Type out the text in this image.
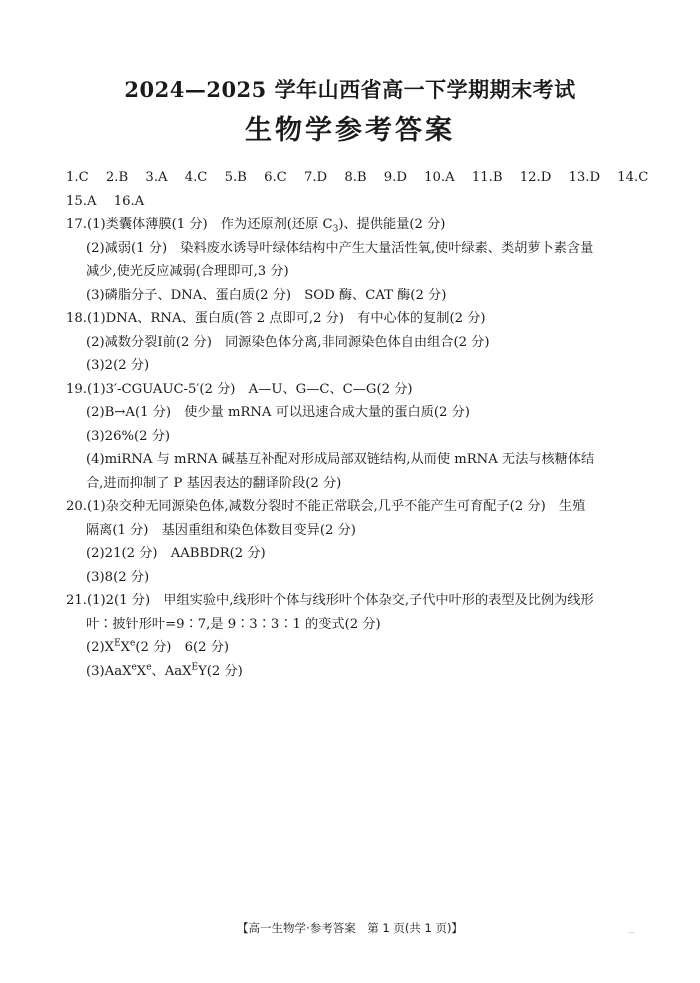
2024—2025 学年山西省高一下学期期末考试
生物学参考答案
1.C 2.B 3.A 4.C 5.B 6.C 7.D 8.B 9.D 10.A 11.B 12.D 13.D 14.C
15.A 16.A
17.(1)类囊体薄膜(1 分)　作为还原剂(还原 $C_3$)、提供能量(2 分)
(2)减弱(1 分)　染料废水诱导叶绿体结构中产生大量活性氧,使叶绿素、类胡萝卜素含量
减少,使光反应减弱(合理即可,3 分)
(3)磷脂分子、DNA、蛋白质(2 分)　SOD 酶、CAT 酶(2 分)
18.(1)DNA、RNA、蛋白质(答 2 点即可,2 分)　有中心体的复制(2 分)
(2)减数分裂Ⅰ前(2 分)　同源染色体分离,非同源染色体自由组合(2 分)
(3)2(2 分)
19.(1)3′-CGUAUC-5′(2 分)　A—U、G—C、C—G(2 分)
(2)B→A(1 分)　使少量 mRNA 可以迅速合成大量的蛋白质(2 分)
(3)26%(2 分)
(4)miRNA 与 mRNA 碱基互补配对形成局部双链结构,从而使 mRNA 无法与核糖体结
合,进而抑制了 P 基因表达的翻译阶段(2 分)
20.(1)杂交种无同源染色体,减数分裂时不能正常联会,几乎不能产生可育配子(2 分)　生殖
隔离(1 分)　基因重组和染色体数目变异(2 分)
(2)21(2 分)　AABBDR(2 分)
(3)8(2 分)
21.(1)2(1 分)　甲组实验中,线形叶个体与线形叶个体杂交,子代中叶形的表型及比例为线形
叶∶披针形叶=9∶7,是 9∶3∶3∶1 的变式(2 分)
$(2)X^EXe(2$ 分)　6(2 分)
(3)AaX$^e$Xe、AaX$^E$Y(2 分)
【高一生物学·参考答案　第 1 页(共 1 页)】	—
